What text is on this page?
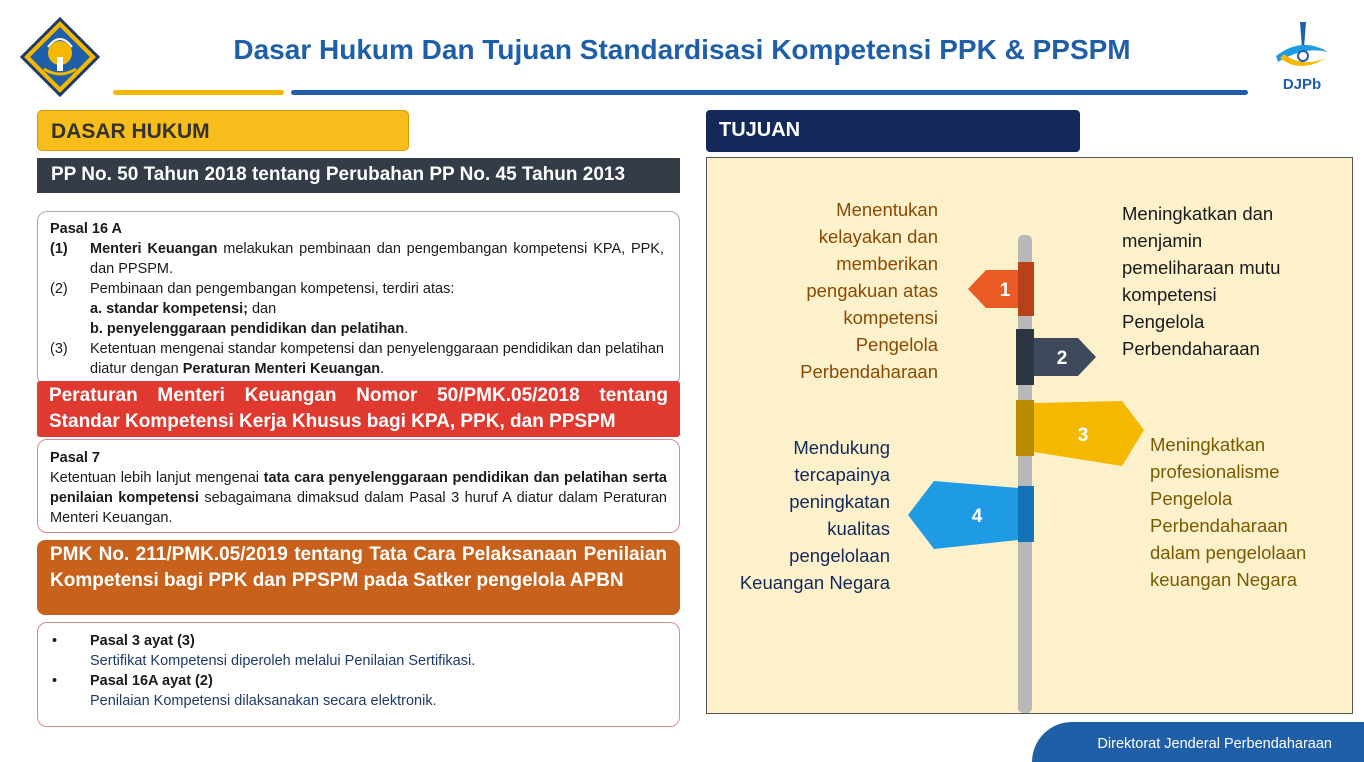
Dasar Hukum Dan Tujuan Standardisasi Kompetensi PPK & PPSPM
DJPb
DASAR HUKUM
PP No. 50 Tahun 2018 tentang Perubahan PP No. 45 Tahun 2013
Pasal 16 A
(1)	Menteri Keuangan melakukan pembinaan dan pengembangan kompetensi KPA, PPK, dan PPSPM.
(2)	Pembinaan dan pengembangan kompetensi, terdiri atas:
a. standar kompetensi; dan
b. penyelenggaraan pendidikan dan pelatihan.
(3)	Ketentuan mengenai standar kompetensi dan penyelenggaraan pendidikan dan pelatihan diatur dengan Peraturan Menteri Keuangan.
Peraturan Menteri Keuangan Nomor 50/PMK.05/2018 tentang Standar Kompetensi Kerja Khusus bagi KPA, PPK, dan PPSPM
Pasal 7
Ketentuan lebih lanjut mengenai tata cara penyelenggaraan pendidikan dan pelatihan serta penilaian kompetensi sebagaimana dimaksud dalam Pasal 3 huruf A diatur dalam Peraturan Menteri Keuangan.
PMK No. 211/PMK.05/2019 tentang Tata Cara Pelaksanaan Penilaian Kompetensi bagi PPK dan PPSPM pada Satker pengelola APBN
•	Pasal 3 ayat (3)
Sertifikat Kompetensi diperoleh melalui Penilaian Sertifikasi.
•	Pasal 16A ayat (2)
Penilaian Kompetensi dilaksanakan secara elektronik.
TUJUAN
1
2
3
4
Menentukan
kelayakan dan
memberikan
pengakuan atas
kompetensi
Pengelola
Perbendaharaan
Meningkatkan dan
menjamin
pemeliharaan mutu
kompetensi
Pengelola
Perbendaharaan
Meningkatkan
profesionalisme
Pengelola
Perbendaharaan
dalam pengelolaan
keuangan Negara
Mendukung
tercapainya
peningkatan
kualitas
pengelolaan
Keuangan Negara
Direktorat Jenderal Perbendaharaan
